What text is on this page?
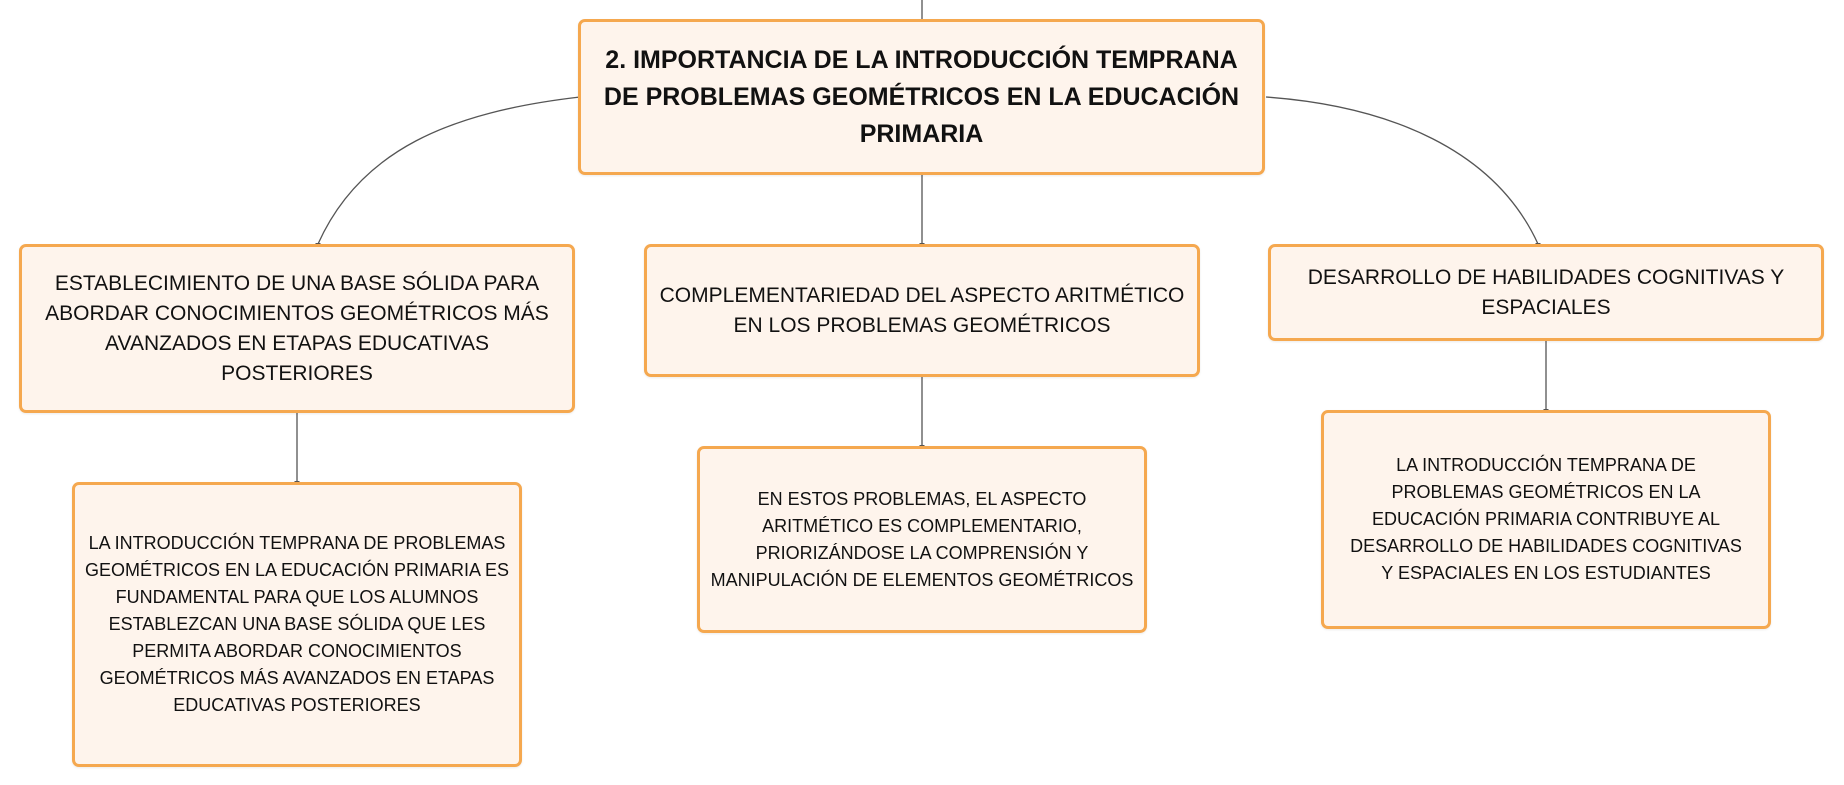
2. IMPORTANCIA DE LA INTRODUCCIÓN TEMPRANA DE PROBLEMAS GEOMÉTRICOS EN LA EDUCACIÓN PRIMARIA
ESTABLECIMIENTO DE UNA BASE SÓLIDA PARA ABORDAR CONOCIMIENTOS GEOMÉTRICOS MÁS AVANZADOS EN ETAPAS EDUCATIVAS POSTERIORES
COMPLEMENTARIEDAD DEL ASPECTO ARITMÉTICO EN LOS PROBLEMAS GEOMÉTRICOS
DESARROLLO DE HABILIDADES COGNITIVAS Y ESPACIALES
LA INTRODUCCIÓN TEMPRANA DE PROBLEMAS GEOMÉTRICOS EN LA EDUCACIÓN PRIMARIA ES FUNDAMENTAL PARA QUE LOS ALUMNOS ESTABLEZCAN UNA BASE SÓLIDA QUE LES PERMITA ABORDAR CONOCIMIENTOS GEOMÉTRICOS MÁS AVANZADOS EN ETAPAS EDUCATIVAS POSTERIORES
EN ESTOS PROBLEMAS, EL ASPECTO ARITMÉTICO ES COMPLEMENTARIO, PRIORIZÁNDOSE LA COMPRENSIÓN Y MANIPULACIÓN DE ELEMENTOS GEOMÉTRICOS
LA INTRODUCCIÓN TEMPRANA DE PROBLEMAS GEOMÉTRICOS EN LA EDUCACIÓN PRIMARIA CONTRIBUYE AL DESARROLLO DE HABILIDADES COGNITIVAS Y ESPACIALES EN LOS ESTUDIANTES
